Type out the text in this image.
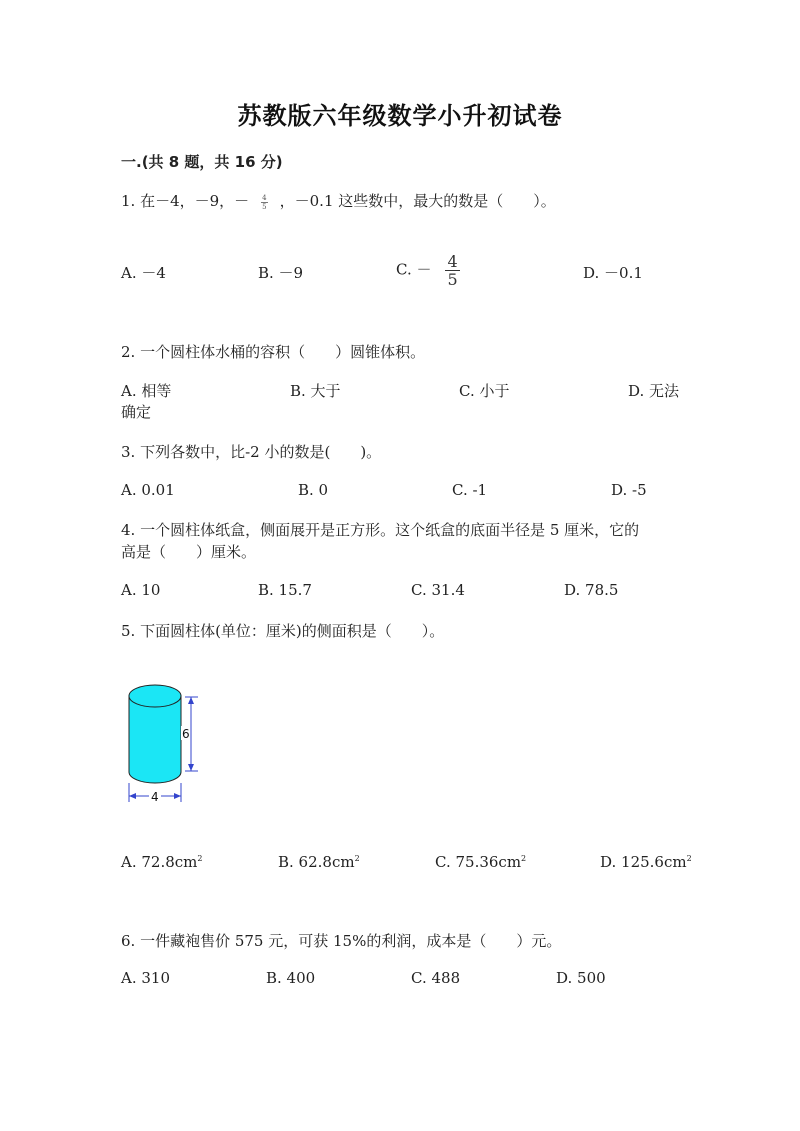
苏教版六年级数学小升初试卷
一.(共 8 题，共 16 分)
1. 在－4，－9，－ $\frac{4}{5}$ ，－0.1 这些数中，最大的数是（　　）。
A. －4	B. －9	C. － $\frac{4}{5}$	D. －0.1
2. 一个圆柱体水桶的容积（　　）圆锥体积。
A. 相等	B. 大于	C. 小于	D. 无法
确定
3. 下列各数中，比-2 小的数是(　　)。
A. 0.01	B. 0	C. -1	D. -5
4. 一个圆柱体纸盒，侧面展开是正方形。这个纸盒的底面半径是 5 厘米，它的
高是（　　）厘米。
A. 10	B. 15.7	C. 31.4	D. 78.5
5. 下面圆柱体(单位：厘米)的侧面积是（　　）。
6
4
A. $72.8cm^2$	B. $62.8cm^2$	C. $75.36cm^2$	D. $125.6cm^2$
6. 一件藏袍售价 575 元，可获 15%的利润，成本是（　　）元。
A. 310	B. 400	C. 488	D. 500
